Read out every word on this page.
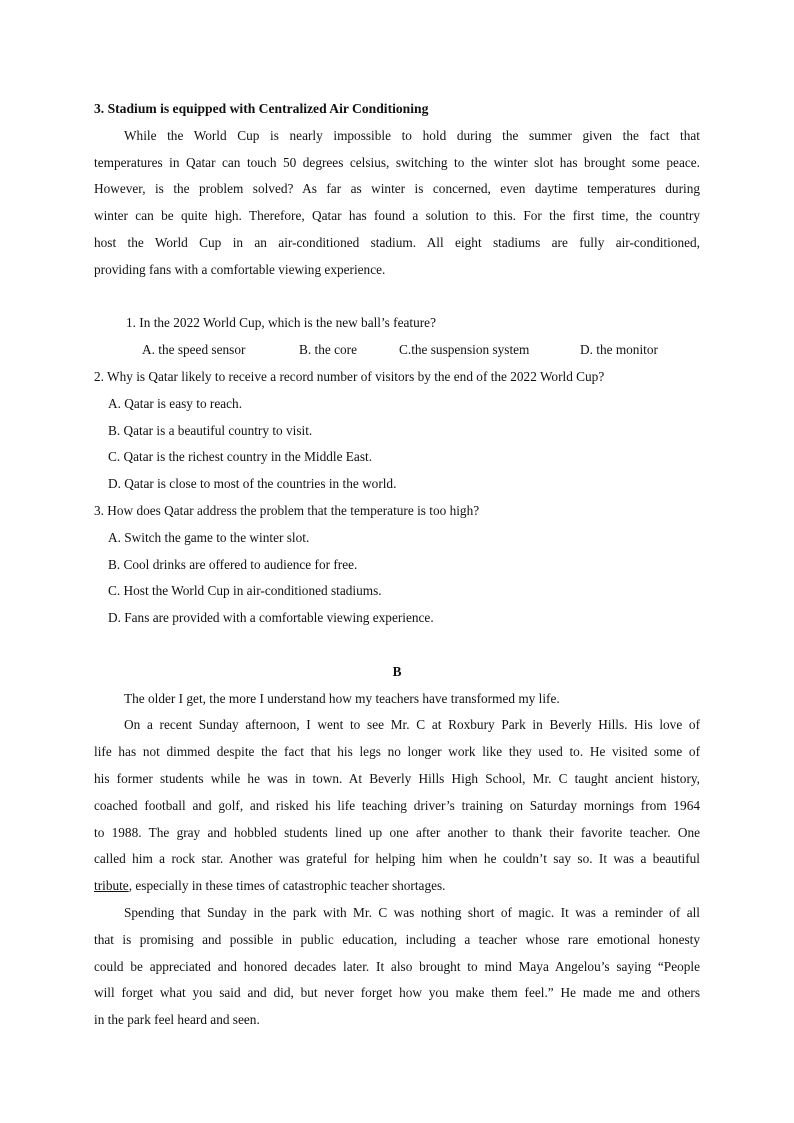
3. Stadium is equipped with Centralized Air Conditioning
While the World Cup is nearly impossible to hold during the summer given the fact that
temperatures in Qatar can touch 50 degrees celsius, switching to the winter slot has brought some peace.
However, is the problem solved? As far as winter is concerned, even daytime temperatures during
winter can be quite high. Therefore, Qatar has found a solution to this. For the first time, the country
host the World Cup in an air-conditioned stadium. All eight stadiums are fully air-conditioned,
providing fans with a comfortable viewing experience.
1. In the 2022 World Cup, which is the new ball’s feature?
A. the speed sensor	B. the core	C.the suspension system	D. the monitor
2. Why is Qatar likely to receive a record number of visitors by the end of the 2022 World Cup?
A. Qatar is easy to reach.
B. Qatar is a beautiful country to visit.
C. Qatar is the richest country in the Middle East.
D. Qatar is close to most of the countries in the world.
3. How does Qatar address the problem that the temperature is too high?
A. Switch the game to the winter slot.
B. Cool drinks are offered to audience for free.
C. Host the World Cup in air-conditioned stadiums.
D. Fans are provided with a comfortable viewing experience.
B
The older I get, the more I understand how my teachers have transformed my life.
On a recent Sunday afternoon, I went to see Mr. C at Roxbury Park in Beverly Hills. His love of
life has not dimmed despite the fact that his legs no longer work like they used to. He visited some of
his former students while he was in town. At Beverly Hills High School, Mr. C taught ancient history,
coached football and golf, and risked his life teaching driver’s training on Saturday mornings from 1964
to 1988. The gray and hobbled students lined up one after another to thank their favorite teacher. One
called him a rock star. Another was grateful for helping him when he couldn’t say so. It was a beautiful
tribute, especially in these times of catastrophic teacher shortages.
Spending that Sunday in the park with Mr. C was nothing short of magic. It was a reminder of all
that is promising and possible in public education, including a teacher whose rare emotional honesty
could be appreciated and honored decades later. It also brought to mind Maya Angelou’s saying “People
will forget what you said and did, but never forget how you make them feel.” He made me and others
in the park feel heard and seen.
